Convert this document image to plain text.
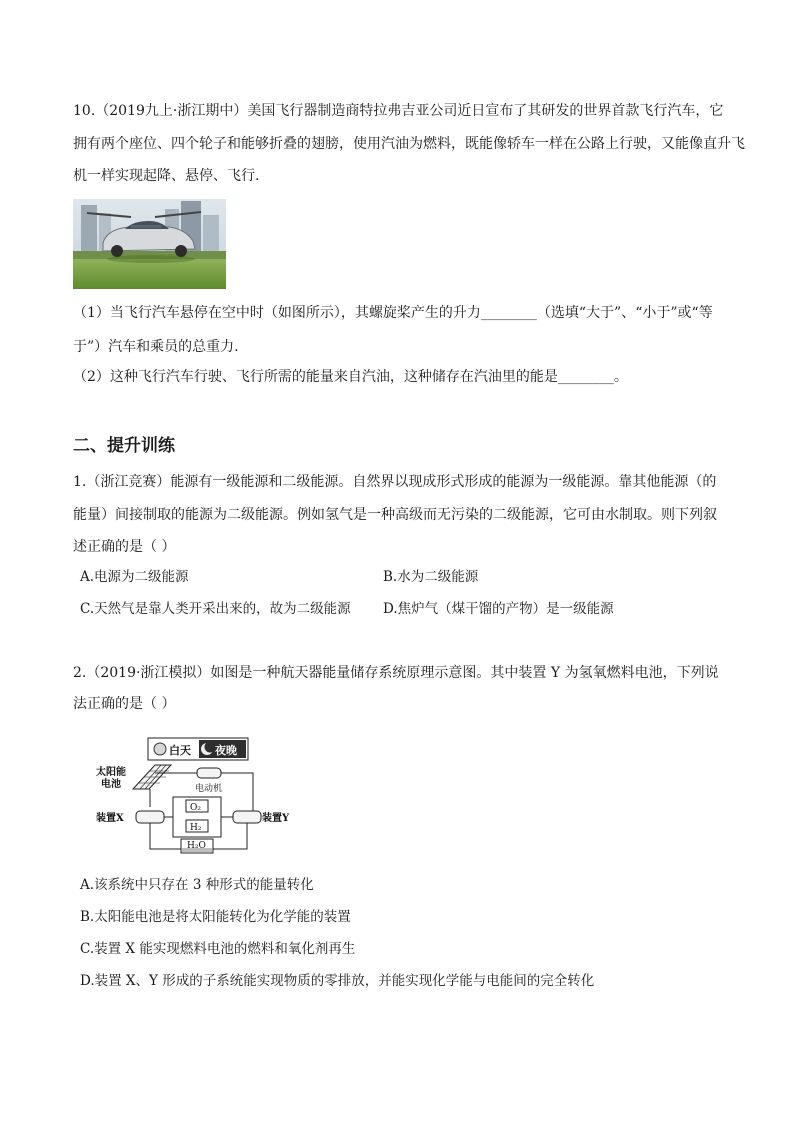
10.（2019九上·浙江期中）美国飞行器制造商特拉弗吉亚公司近日宣布了其研发的世界首款飞行汽车，它
拥有两个座位、四个轮子和能够折叠的翅膀，使用汽油为燃料，既能像轿车一样在公路上行驶，又能像直升飞
机一样实现起降、悬停、飞行.
（1）当飞行汽车悬停在空中时（如图所示），其螺旋桨产生的升力________（选填“大于”、“小于”或“等
于”）汽车和乘员的总重力.
（2）这种飞行汽车行驶、飞行所需的能量来自汽油，这种储存在汽油里的能是________。
二、提升训练
1.（浙江竞赛）能源有一级能源和二级能源。自然界以现成形式形成的能源为一级能源。靠其他能源（的
能量）间接制取的能源为二级能源。例如氢气是一种高级而无污染的二级能源，它可由水制取。则下列叙
述正确的是（ ）
A.电源为二级能源	B.水为二级能源
C.天然气是靠人类开采出来的，故为二级能源 D.焦炉气（煤干馏的产物）是一级能源
2.（2019·浙江模拟）如图是一种航天器能量储存系统原理示意图。其中装置 Y 为氢氧燃料电池，下列说
法正确的是（ ）
白天 夜晚
太阳能
电池	电动机
装置X	装置Y
O₂
H₂
H₂O
A.该系统中只存在 3 种形式的能量转化
B.太阳能电池是将太阳能转化为化学能的装置
C.装置 X 能实现燃料电池的燃料和氧化剂再生
D.装置 X、Y 形成的子系统能实现物质的零排放，并能实现化学能与电能间的完全转化
